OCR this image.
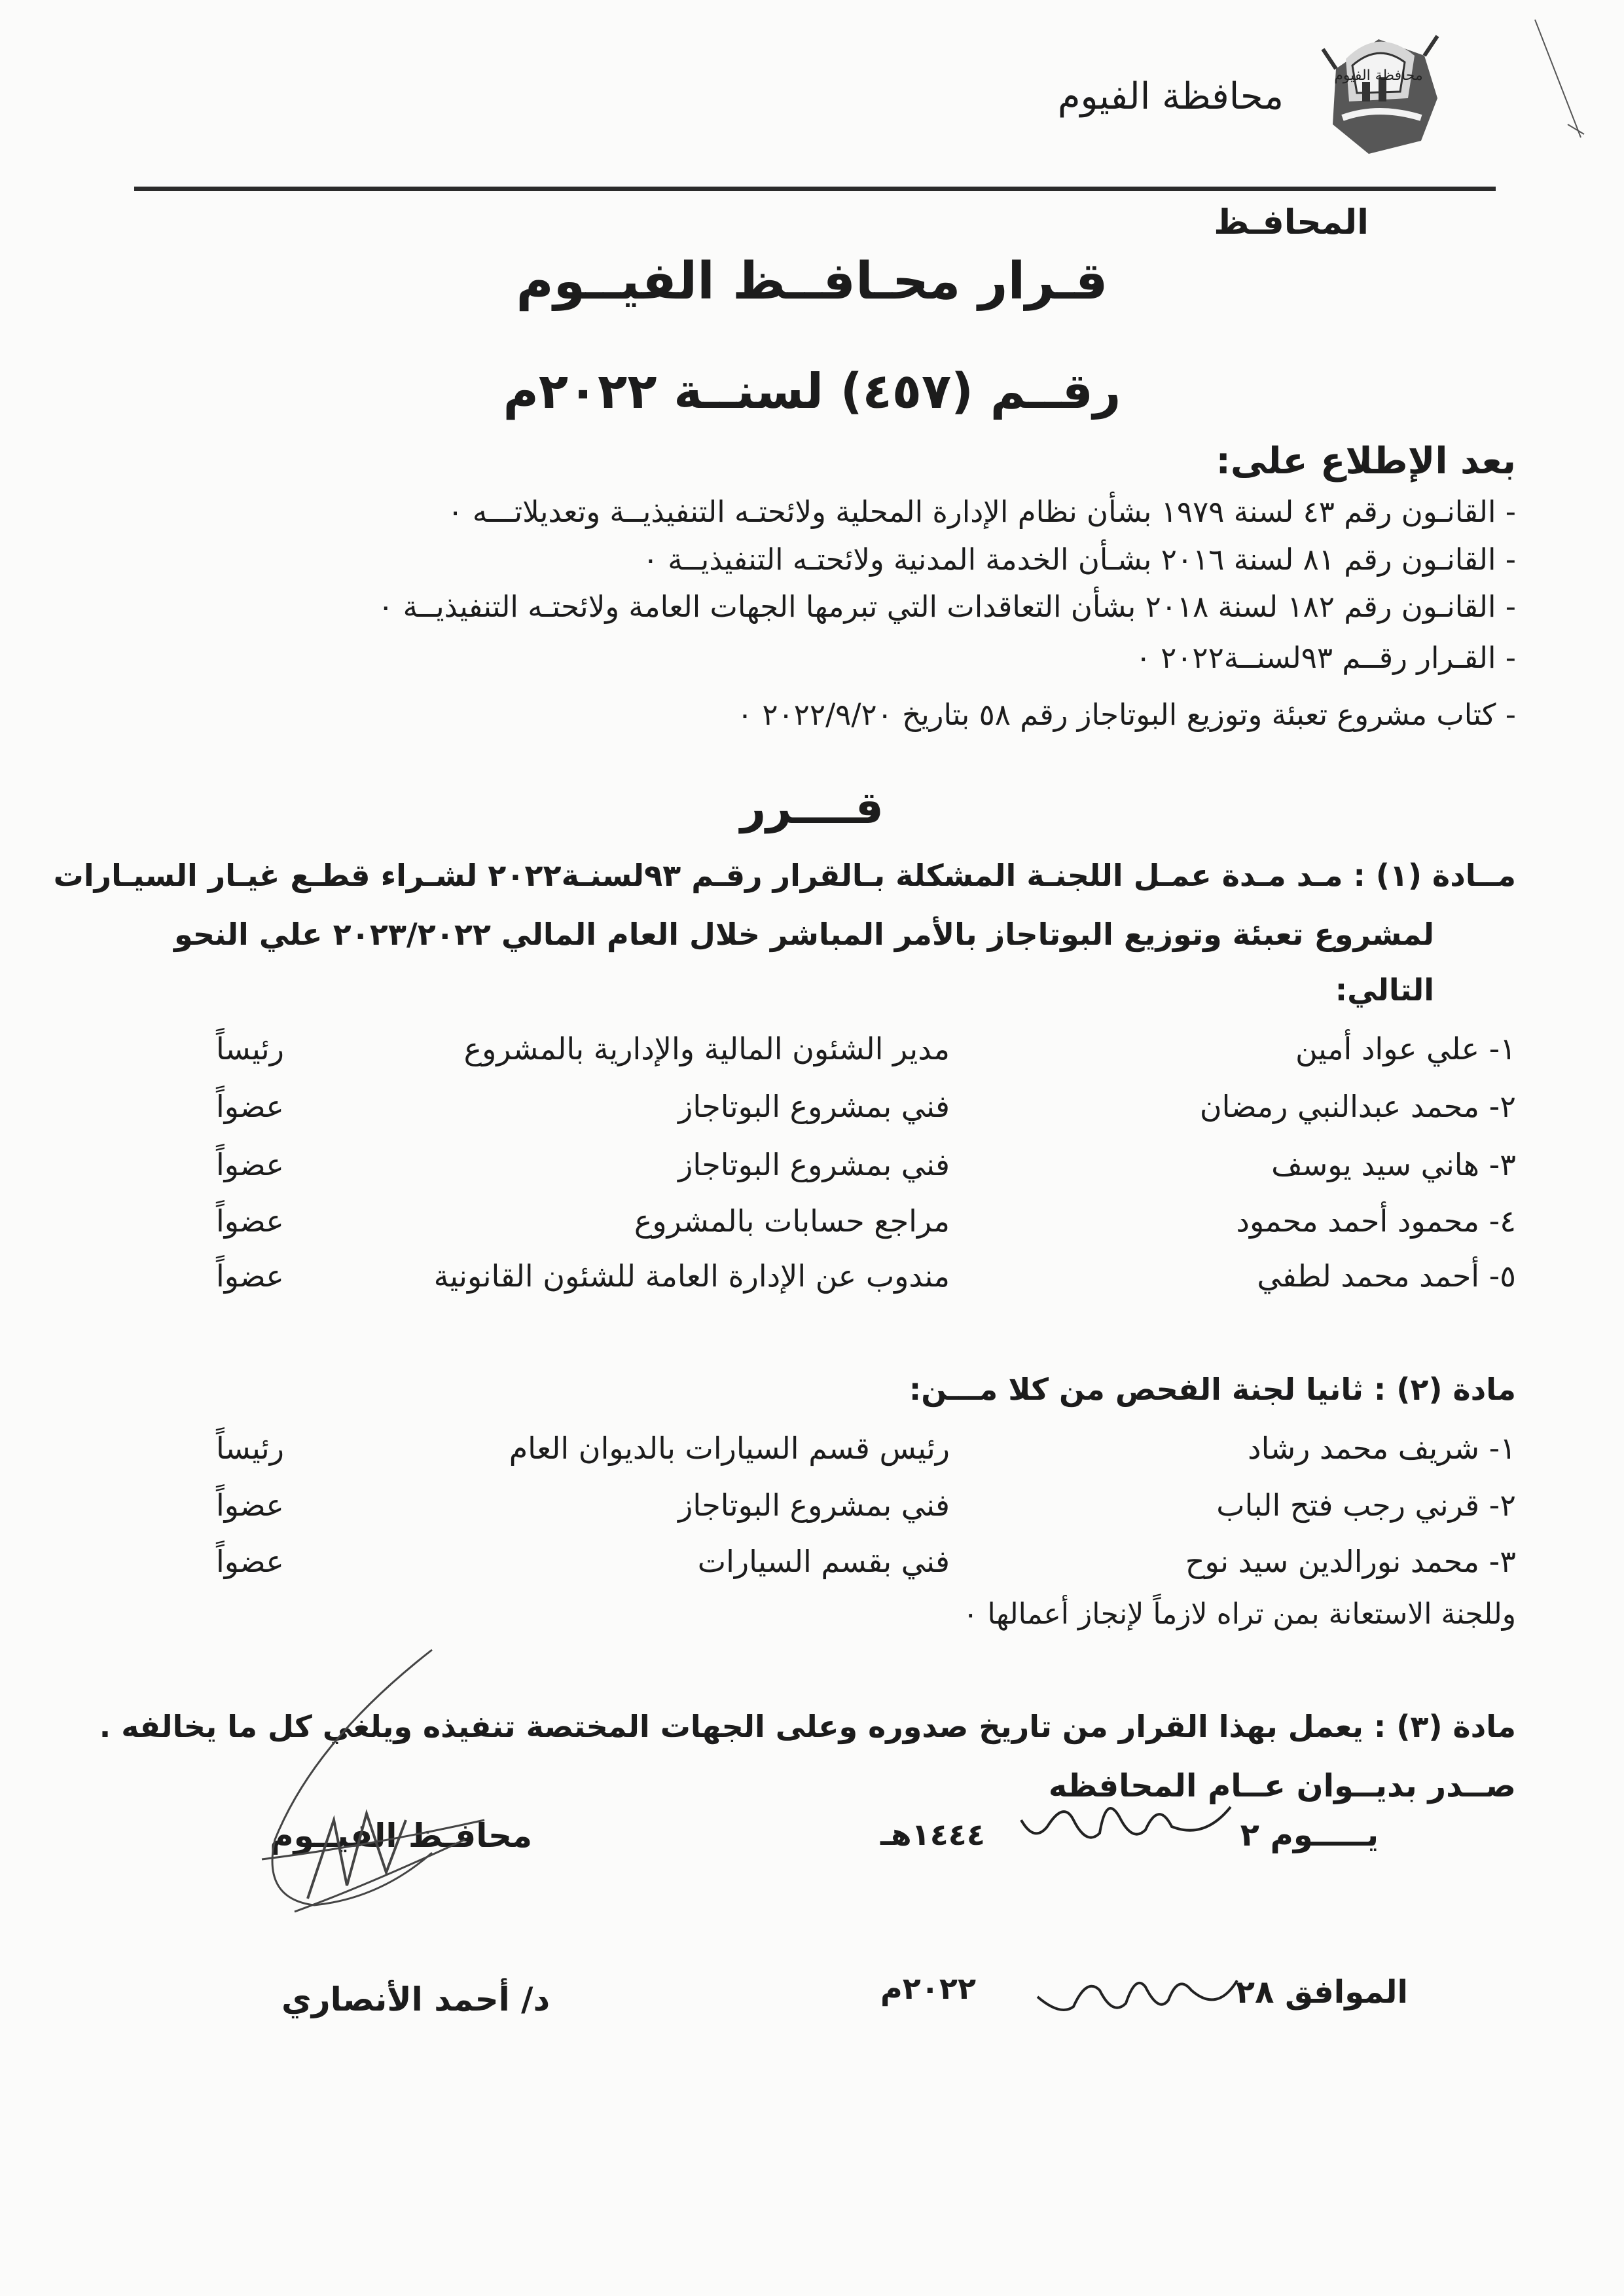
محافظة الفيوم
محافظة الفيوم
المحافـظ
قـرار محـافــظ الفيــوم
رقــم (٤٥٧) لسنــة ٢٠٢٢م
بعد الإطلاع على:
- القانـون رقم ٤٣ لسنة ١٩٧٩ بشأن نظام الإدارة المحلية ولائحتـه التنفيذيــة وتعديلاتـــه ٠
- القانـون رقم ٨١ لسنة ٢٠١٦ بشـأن الخدمة المدنية ولائحتـه التنفيذيــة ٠
- القانـون رقم ١٨٢ لسنة ٢٠١٨ بشأن التعاقدات التي تبرمها الجهات العامة ولائحتـه التنفيذيــة ٠
- القـرار رقــم ٩٣لسنــة٢٠٢٢ ٠
- كتاب مشروع تعبئة وتوزيع البوتاجاز رقم ٥٨ بتاريخ ٢٠٢٢/٩/٢٠ ٠
قــــرر
مــادة (١) : مـد مـدة عمـل اللجنـة المشكلة بـالقرار رقـم ٩٣لسنـة٢٠٢٢ لشـراء قطـع غيـار السيـارات
لمشروع تعبئة وتوزيع البوتاجاز بالأمر المباشر خلال العام المالي ٢٠٢٣/٢٠٢٢ علي النحو
التالي:
١- علي عواد أمين
مدير الشئون المالية والإدارية بالمشروع
رئيساً
٢- محمد عبدالنبي رمضان
فني بمشروع البوتاجاز
عضواً
٣- هاني سيد يوسف
فني بمشروع البوتاجاز
عضواً
٤- محمود أحمد محمود
مراجع حسابات بالمشروع
عضواً
٥- أحمد محمد لطفي
مندوب عن الإدارة العامة للشئون القانونية
عضواً
مادة (٢) : ثانيا لجنة الفحص من كلا مـــن:
١- شريف محمد رشاد
رئيس قسم السيارات بالديوان العام
رئيساً
٢- قرني رجب فتح الباب
فني بمشروع البوتاجاز
عضواً
٣- محمد نورالدين سيد نوح
فني بقسم السيارات
عضواً
وللجنة الاستعانة بمن تراه لازماً لإنجاز أعمالها ٠
مادة (٣) : يعمل بهذا القرار من تاريخ صدوره وعلى الجهات المختصة تنفيذه ويلغي كل ما يخالفه .
صــدر بديــوان عــام المحافظه
يـــــوم ٢
ربيع أول
١٤٤٤هـ
الموافق ٢٨
سبتمبر
٢٠٢٢م
محافـظ الفيــوم
د/ أحمد الأنصاري
